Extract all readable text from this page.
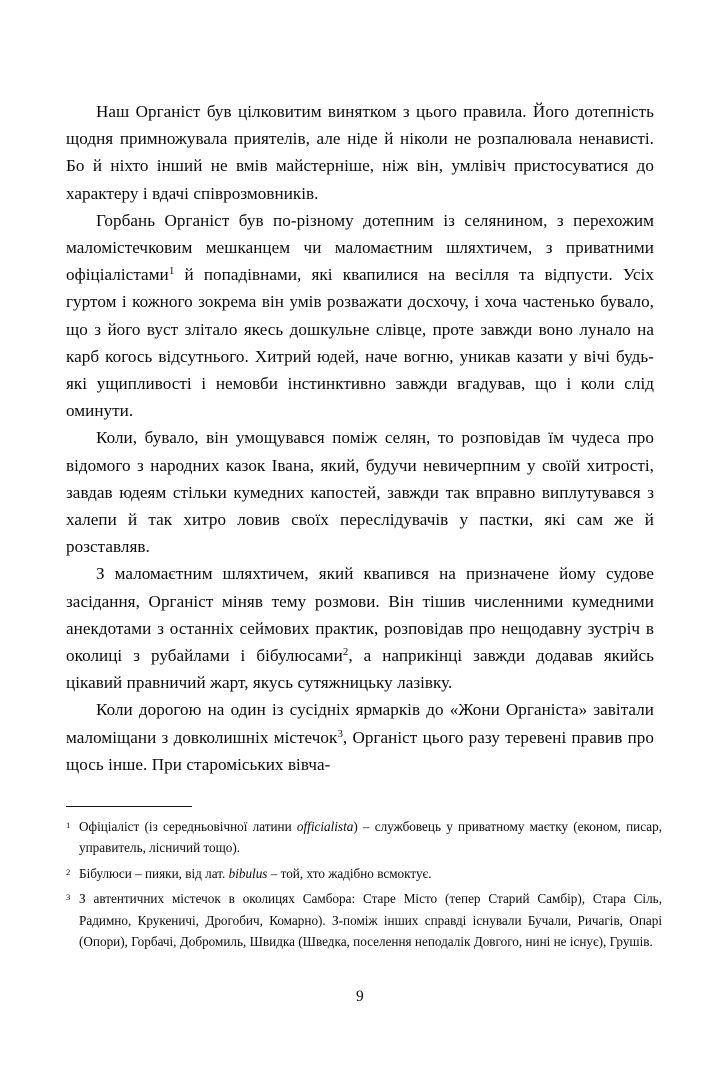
Наш Органіст був цілковитим винятком з цього правила. Його дотепність щодня примножувала приятелів, але ніде й ніколи не розпалювала ненависті. Бо й ніхто інший не вмів майстерніше, ніж він, умлівіч пристосуватися до характеру і вдачі співрозмовників.

Горбань Органіст був по-різному дотепним із селянином, з перехожим маломістечковим мешканцем чи маломаєтним шляхтичем, з приватними офіціалістами$^1$ й попадівнами, які квапилися на весілля та відпусти. Усіх гуртом і кожного зокрема він умів розважати досхочу, і хоча частенько бувало, що з його вуст злітало якесь дошкульне слівце, проте завжди воно лунало на карб когось відсутнього. Хитрий юдей, наче вогню, уникав казати у вічі будь-які ущипливості і немовби інстинктивно завжди вгадував, що і коли слід оминути.

Коли, бувало, він умощувався поміж селян, то розповідав їм чудеса про відомого з народних казок Івана, який, будучи невичерпним у своїй хитрості, завдав юдеям стільки кумедних капостей, завжди так вправно виплутувався з халепи й так хитро ловив своїх переслідувачів у пастки, які сам же й розставляв.

З маломаєтним шляхтичем, який квапився на призначене йому судове засідання, Органіст міняв тему розмови. Він тішив численними кумедними анекдотами з останніх сеймових практик, розповідав про нещодавну зустріч в околиці з рубайлами і бібулюсами$^2$, а наприкінці завжди додавав якийсь цікавий правничий жарт, якусь сутяжницьку лазівку.

Коли дорогою на один із сусідніх ярмарків до «Жони Органіста» завітали маломіщани з довколишніх містечок$^3$, Органіст цього разу теревені правив про щось інше. При староміських вівча-

1 Офіціаліст (із середньовічної латини officialista) – службовець у приватному маєтку (економ, писар, управитель, лісничий тощо).
2 Бібулюси – пияки, від лат. bibulus – той, хто жадібно всмоктує.
3 З автентичних містечок в околицях Самбора: Старе Місто (тепер Старий Самбір), Стара Сіль, Радимно, Крукеничі, Дрогобич, Комарно). З-поміж інших справді існували Бучали, Ричагів, Опарі (Опори), Горбачі, Добромиль, Швидка (Шведка, поселення неподалік Довгого, нині не існує), Грушів.
9
